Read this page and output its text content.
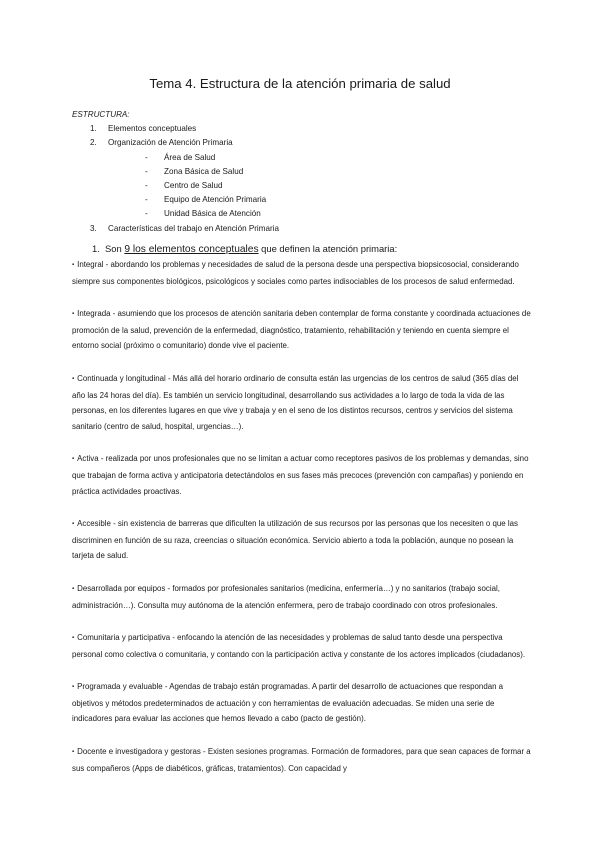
Tema 4. Estructura de la atención primaria de salud
ESTRUCTURA:
1. Elementos conceptuales
2. Organización de Atención Primaria
- Área de Salud
- Zona Básica de Salud
- Centro de Salud
- Equipo de Atención Primaria
- Unidad Básica de Atención
3. Características del trabajo en Atención Primaria
1. Son 9 los elementos conceptuales que definen la atención primaria:

▪ Integral - abordando los problemas y necesidades de salud de la persona desde una perspectiva biopsicosocial, considerando siempre sus componentes biológicos, psicológicos y sociales como partes indisociables de los procesos de salud enfermedad.

▪ Integrada - asumiendo que los procesos de atención sanitaria deben contemplar de forma constante y coordinada actuaciones de promoción de la salud, prevención de la enfermedad, diagnóstico, tratamiento, rehabilitación y teniendo en cuenta siempre el entorno social (próximo o comunitario) donde vive el paciente.

▪ Continuada y longitudinal - Más allá del horario ordinario de consulta están las urgencias de los centros de salud (365 días del año las 24 horas del día). Es también un servicio longitudinal, desarrollando sus actividades a lo largo de toda la vida de las personas, en los diferentes lugares en que vive y trabaja y en el seno de los distintos recursos, centros y servicios del sistema sanitario (centro de salud, hospital, urgencias…).

▪ Activa - realizada por unos profesionales que no se limitan a actuar como receptores pasivos de los problemas y demandas, sino que trabajan de forma activa y anticipatoria detectándolos en sus fases más precoces (prevención con campañas) y poniendo en práctica actividades proactivas.

▪ Accesible - sin existencia de barreras que dificulten la utilización de sus recursos por las personas que los necesiten o que las discriminen en función de su raza, creencias o situación económica. Servicio abierto a toda la población, aunque no posean la tarjeta de salud.

▪ Desarrollada por equipos - formados por profesionales sanitarios (medicina, enfermería…) y no sanitarios (trabajo social, administración…). Consulta muy autónoma de la atención enfermera, pero de trabajo coordinado con otros profesionales.

▪ Comunitaria y participativa - enfocando la atención de las necesidades y problemas de salud tanto desde una perspectiva personal como colectiva o comunitaria, y contando con la participación activa y constante de los actores implicados (ciudadanos).

▪ Programada y evaluable - Agendas de trabajo están programadas. A partir del desarrollo de actuaciones que respondan a objetivos y métodos predeterminados de actuación y con herramientas de evaluación adecuadas. Se miden una serie de indicadores para evaluar las acciones que hemos llevado a cabo (pacto de gestión).

▪ Docente e investigadora y gestoras - Existen sesiones programas. Formación de formadores, para que sean capaces de formar a sus compañeros (Apps de diabéticos, gráficas, tratamientos). Con capacidad y
